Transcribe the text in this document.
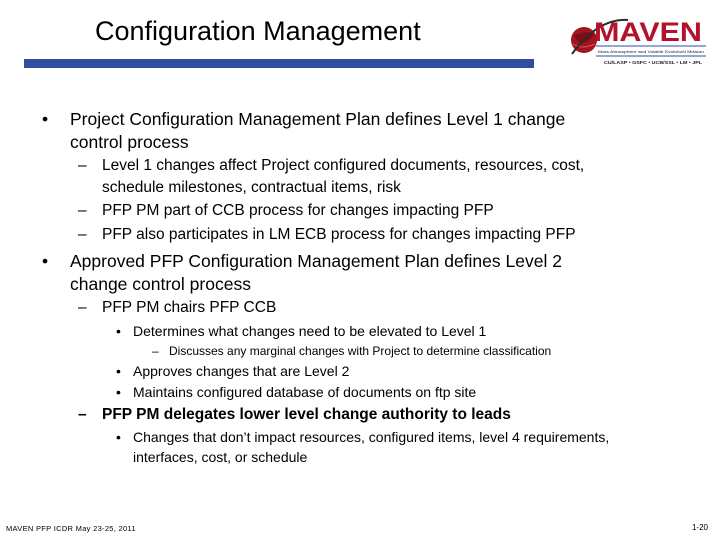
Configuration Management	MAVEN
Mars Atmosphere and Volatile EvolutioN Mission
CU/LASP • GSFC • UCB/SSL • LM • JPL
• Project Configuration Management Plan defines Level 1 change
control process
– Level 1 changes affect Project configured documents, resources, cost,
schedule milestones, contractual items, risk
– PFP PM part of CCB process for changes impacting PFP
– PFP also participates in LM ECB process for changes impacting PFP
• Approved PFP Configuration Management Plan defines Level 2
change control process
– PFP PM chairs PFP CCB
• Determines what changes need to be elevated to Level 1
– Discusses any marginal changes with Project to determine classification
• Approves changes that are Level 2
• Maintains configured database of documents on ftp site
– PFP PM delegates lower level change authority to leads
• Changes that don’t impact resources, configured items, level 4 requirements,
interfaces, cost, or schedule
MAVEN PFP ICDR May 23-25, 2011	1-20
